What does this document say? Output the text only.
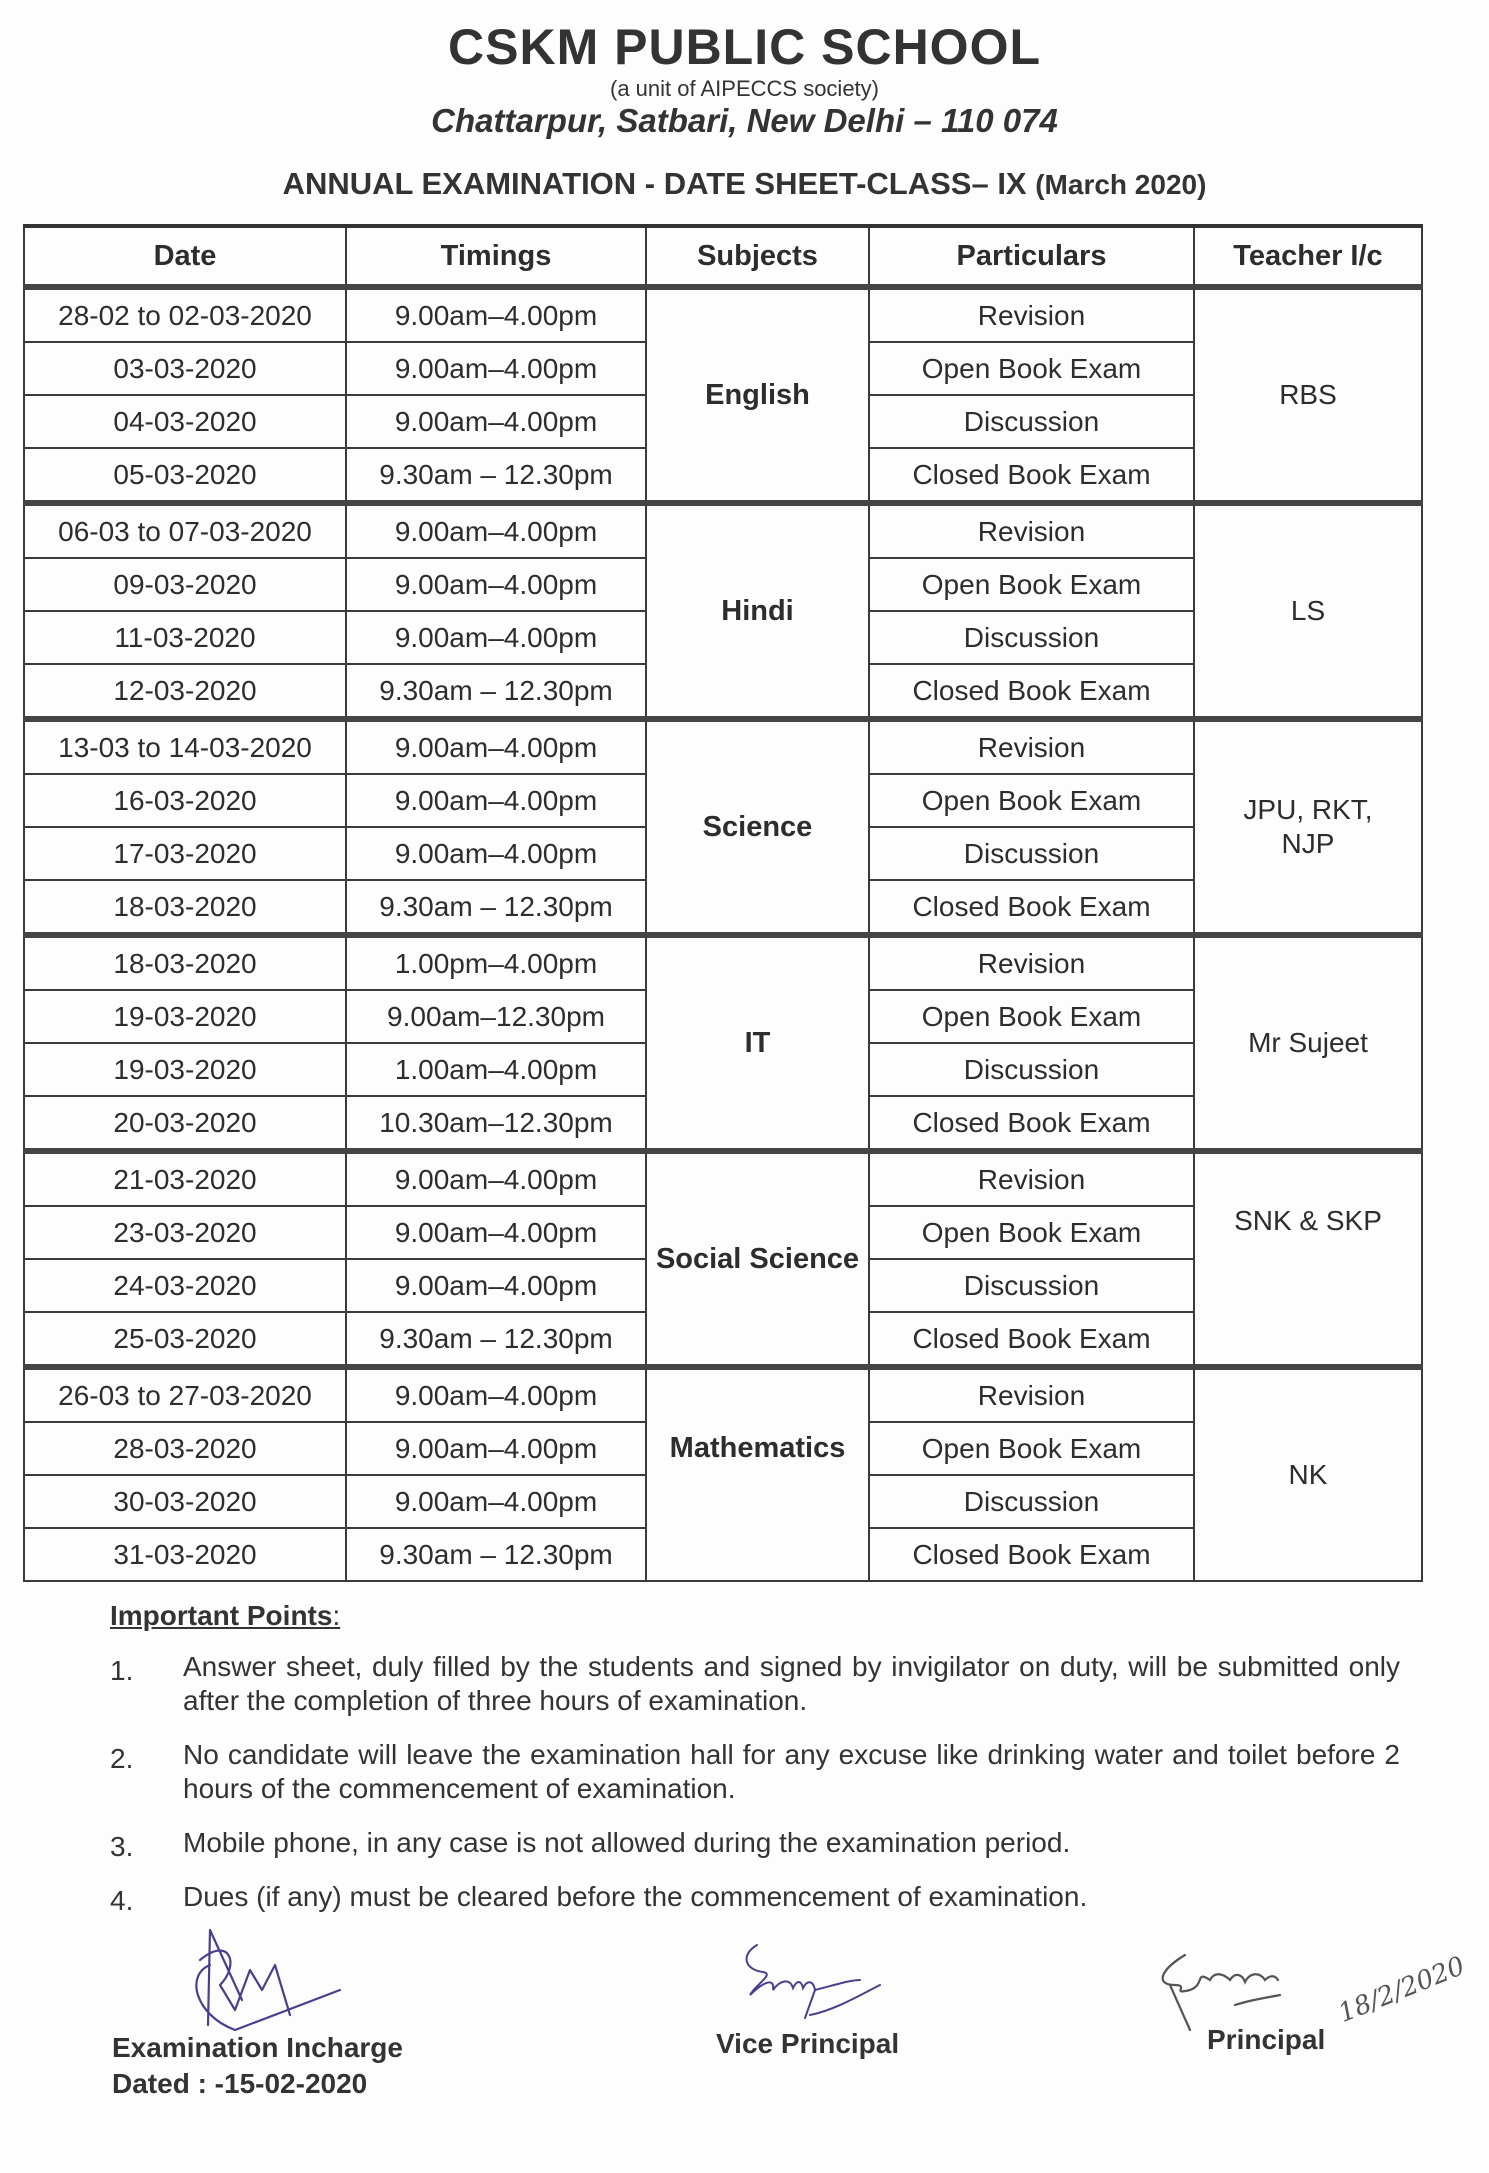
CSKM PUBLIC SCHOOL
(a unit of AIPECCS society)
Chattarpur, Satbari, New Delhi – 110 074
ANNUAL EXAMINATION - DATE SHEET-CLASS– IX (March 2020)
Date	Timings	Subjects	Particulars	Teacher I/c
28-02 to 02-03-2020	9.00am–4.00pm	English	Revision	RBS
03-03-2020	9.00am–4.00pm		Open Book Exam	
04-03-2020	9.00am–4.00pm		Discussion	
05-03-2020	9.30am – 12.30pm		Closed Book Exam	
06-03 to 07-03-2020	9.00am–4.00pm	Hindi	Revision	LS
09-03-2020	9.00am–4.00pm		Open Book Exam	
11-03-2020	9.00am–4.00pm		Discussion	
12-03-2020	9.30am – 12.30pm		Closed Book Exam	
13-03 to 14-03-2020	9.00am–4.00pm	Science	Revision	JPU, RKT, NJP
16-03-2020	9.00am–4.00pm		Open Book Exam	
17-03-2020	9.00am–4.00pm		Discussion	
18-03-2020	9.30am – 12.30pm		Closed Book Exam	
18-03-2020	1.00pm–4.00pm	IT	Revision	Mr Sujeet
19-03-2020	9.00am–12.30pm		Open Book Exam	
19-03-2020	1.00am–4.00pm		Discussion	
20-03-2020	10.30am–12.30pm		Closed Book Exam	
21-03-2020	9.00am–4.00pm	Social Science	Revision	SNK & SKP
23-03-2020	9.00am–4.00pm		Open Book Exam	
24-03-2020	9.00am–4.00pm		Discussion	
25-03-2020	9.30am – 12.30pm		Closed Book Exam	
26-03 to 27-03-2020	9.00am–4.00pm	Mathematics	Revision	NK
28-03-2020	9.00am–4.00pm		Open Book Exam	
30-03-2020	9.00am–4.00pm		Discussion	
31-03-2020	9.30am – 12.30pm		Closed Book Exam	
Important Points:
1. Answer sheet, duly filled by the students and signed by invigilator on duty, will be submitted only after the completion of three hours of examination.
2. No candidate will leave the examination hall for any excuse like drinking water and toilet before 2 hours of the commencement of examination.
3. Mobile phone, in any case is not allowed during the examination period.
4. Dues (if any) must be cleared before the commencement of examination.
18/2/2020
Examination Incharge
Dated : -15-02-2020
Vice Principal	Principal
